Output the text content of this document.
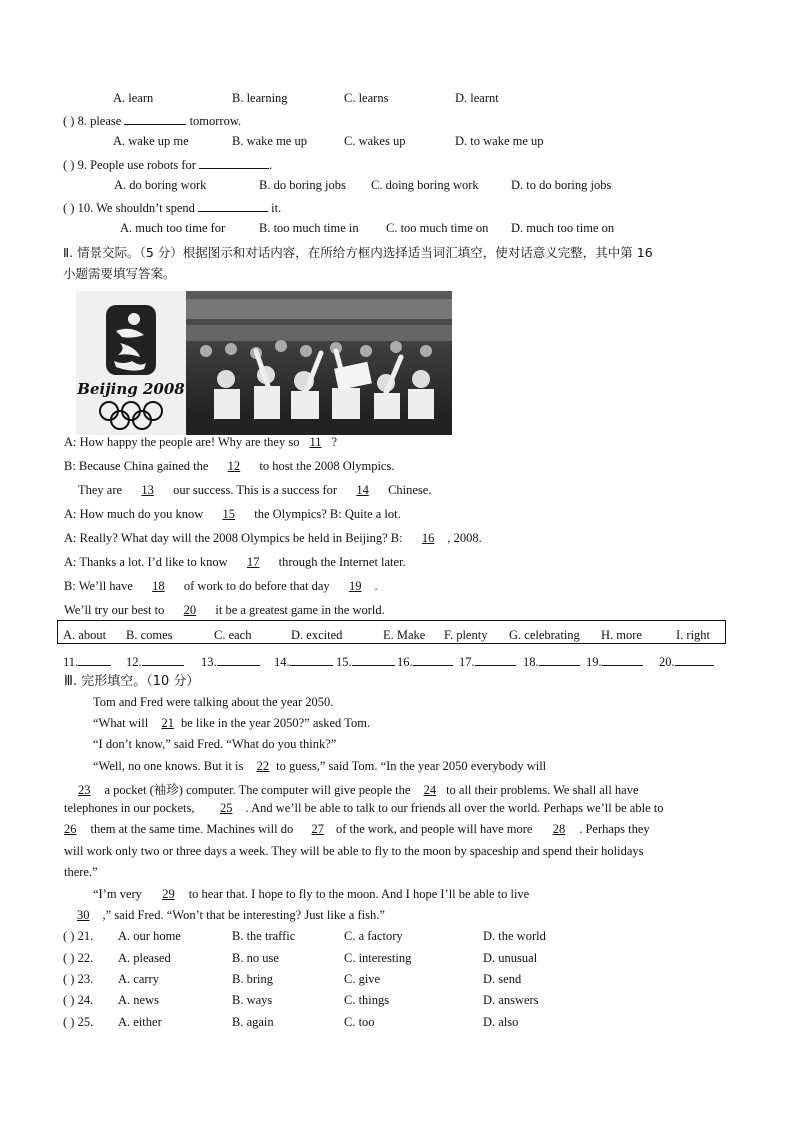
A. learn	B. learning	C. learns	D. learnt
( ) 8. please	tomorrow.
A. wake up me	B. wake me up	C. wakes up	D. to wake me up
( ) 9. People use robots for	.
A. do boring work	B. do boring jobs C. doing boring work	D. to do boring jobs
( ) 10. We shouldn’t spend	it.
A. much too time for	B. too much time in C. too much time on D. much too time on
Ⅱ. 情景交际。（5 分）根据图示和对话内容，在所给方框内选择适当词汇填空，使对话意义完整，其中第 16
小题需要填写答案。
Beijing 2008
A: How happy the people are! Why are they so 11 ?
B: Because China gained the 12 to host the 2008 Olympics.
They are 13 our success. This is a success for 14 Chinese.
A: How much do you know 15 the Olympics? B: Quite a lot.
A: Really? What day will the 2008 Olympics be held in Beijing? B: 16 , 2008.
A: Thanks a lot. I’d like to know 17 through the Internet later.
B: We’ll have 18 of work to do before that day 19 .
We’ll try our best to 20 it be a greatest game in the world.
A. about B. comes	C. each	D. excited	E. Make F. plenty G. celebrating H. more	I. right
11.	12.	13.	14.	15.	16.	17.	18.	19.	20.
Ⅲ. 完形填空。（10 分）
Tom and Fred were talking about the year 2050.
“What will 21 be like in the year 2050?” asked Tom.
“I don’t know,” said Fred. “What do you think?”
“Well, no one knows. But it is 22 to guess,” said Tom. “In the year 2050 everybody will
23 a pocket (袖珍) computer. The computer will give people the 24 to all their problems. We shall all have
telephones in our pockets, 25 . And we’ll be able to talk to our friends all over the world. Perhaps we’ll be able to
26 them at the same time. Machines will do 27 of the work, and people will have more 28 . Perhaps they
will work only two or three days a week. They will be able to fly to the moon by spaceship and spend their holidays
there.”
“I’m very 29 to hear that. I hope to fly to the moon. And I hope I’ll be able to live
30 ,” said Fred. “Won’t that be interesting? Just like a fish.”
( ) 21. A. our home	B. the traffic	C. a factory	D. the world
( ) 22. A. pleased	B. no use	C. interesting	D. unusual
( ) 23. A. carry	B. bring	C. give	D. send
( ) 24. A. news	B. ways	C. things	D. answers
( ) 25. A. either	B. again	C. too	D. also
